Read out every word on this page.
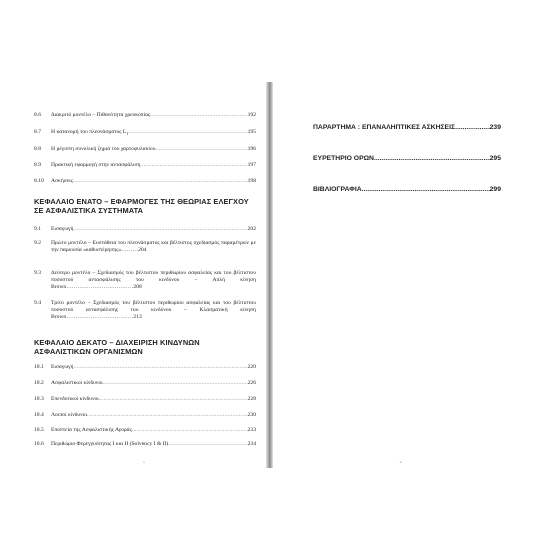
8.6	Διακριτό μοντέλο – Πιθανότητα χρεοκοπίας .....	192
8.7	Η κατανομή του πλεονάσματος $L_1$ .....	195
8.8	Η μέγιστη συνολική ζημιά του χαρτοφυλακίου .....	196
8.9	Πρακτική εφαρμογή στην αντασφάλιση .....	197
8.10	Ασκήσεις .....	198
ΚΕΦΑΛΑΙΟ ΕΝΑΤΟ – ΕΦΑΡΜΟΓΕΣ ΤΗΣ ΘΕΩΡΙΑΣ ΕΛΕΓΧΟΥ ΣΕ ΑΣΦΑΛΙΣΤΙΚΑ ΣΥΣΤΗΜΑΤΑ
9.1	Εισαγωγή .....	202
9.2	Πρώτο μοντέλο – Ευστάθεια του πλεονάσματος και βέλτιστος σχεδιασμός παραμέτρων με την παρουσία «καθυστέρησης»………204
9.3	Δεύτερο μοντέλο – Σχεδιασμός του βέλτιστου περιθωρίου ασφαλείας και του βέλτιστου ποσοστού αντασφάλισης του κινδύνου – Απλή κίνηση Brown………………………………208
9.4	Τρίτο μοντέλο – Σχεδιασμός του βέλτιστου περιθωρίου ασφαλείας και του βέλτιστου ποσοστού αντασφάλισης του κινδύνου – Κλασματική κίνηση Brown………………………………213
ΚΕΦΑΛΑΙΟ ΔΕΚΑΤΟ – ΔΙΑΧΕΙΡΙΣΗ ΚΙΝΔΥΝΩΝ ΑΣΦΑΛΙΣΤΙΚΩΝ ΟΡΓΑΝΙΣΜΩΝ
10.1	Εισαγωγή .....	220
10.2	Ασφαλιστικοί κίνδυνοι .....	226
10.3	Επενδυτικοί κίνδυνοι .....	228
10.4	Λοιποί κίνδυνοι .....	230
10.5	Εποπτεία της Ασφαλιστικής Αγοράς .....	233
10.6	Περιθώριο Φερεγγυότητας I και II (Solvency I & II) .....	234
x
ΠΑΡΑΡΤΗΜΑ : ΕΠΑΝΑΛΗΠΤΙΚΕΣ ΑΣΚΗΣΕΙΣ .....	239
ΕΥΡΕΤΗΡΙΟ ΟΡΩΝ .....	295
ΒΙΒΛΙΟΓΡΑΦΙΑ .....	299
xi
